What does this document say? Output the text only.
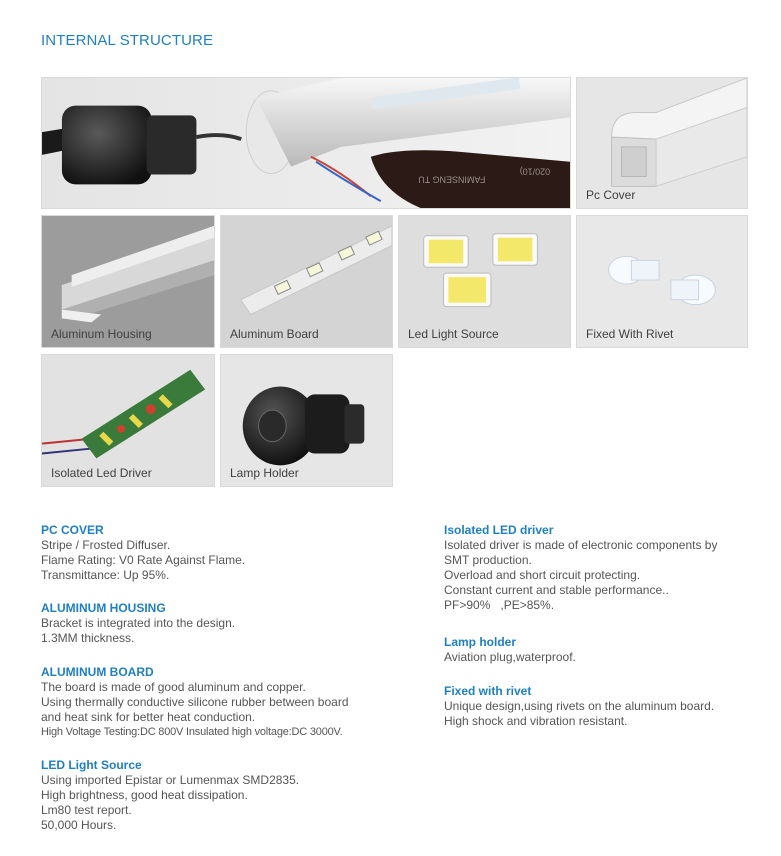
INTERNAL STRUCTURE
FAMINSENG TU
020/10)
Pc Cover
Aluminum Housing	Aluminum Board	Led Light Source	Fixed With Rivet
Isolated Led Driver	Lamp Holder
PC COVER

Stripe / Frosted Diffuser.

Flame Rating: V0 Rate Against Flame.

Transmittance: Up 95%.

ALUMINUM HOUSING

Bracket is integrated into the design.

1.3MM thickness.

ALUMINUM BOARD

The board is made of good aluminum and copper.

Using thermally conductive silicone rubber between board

and heat sink for better heat conduction.

High Voltage Testing:DC 800V Insulated high voltage:DC 3000V.

LED Light Source

Using imported Epistar or Lumenmax SMD2835.

High brightness, good heat dissipation.

Lm80 test report.

50,000 Hours.

Isolated LED driver

Isolated driver is made of electronic components by

SMT production.

Overload and short circuit protecting.

Constant current and stable performance..

PF>90%   ,PE>85%.

Lamp holder

Aviation plug,waterproof.

Fixed with rivet

Unique design,using rivets on the aluminum board.

High shock and vibration resistant.
